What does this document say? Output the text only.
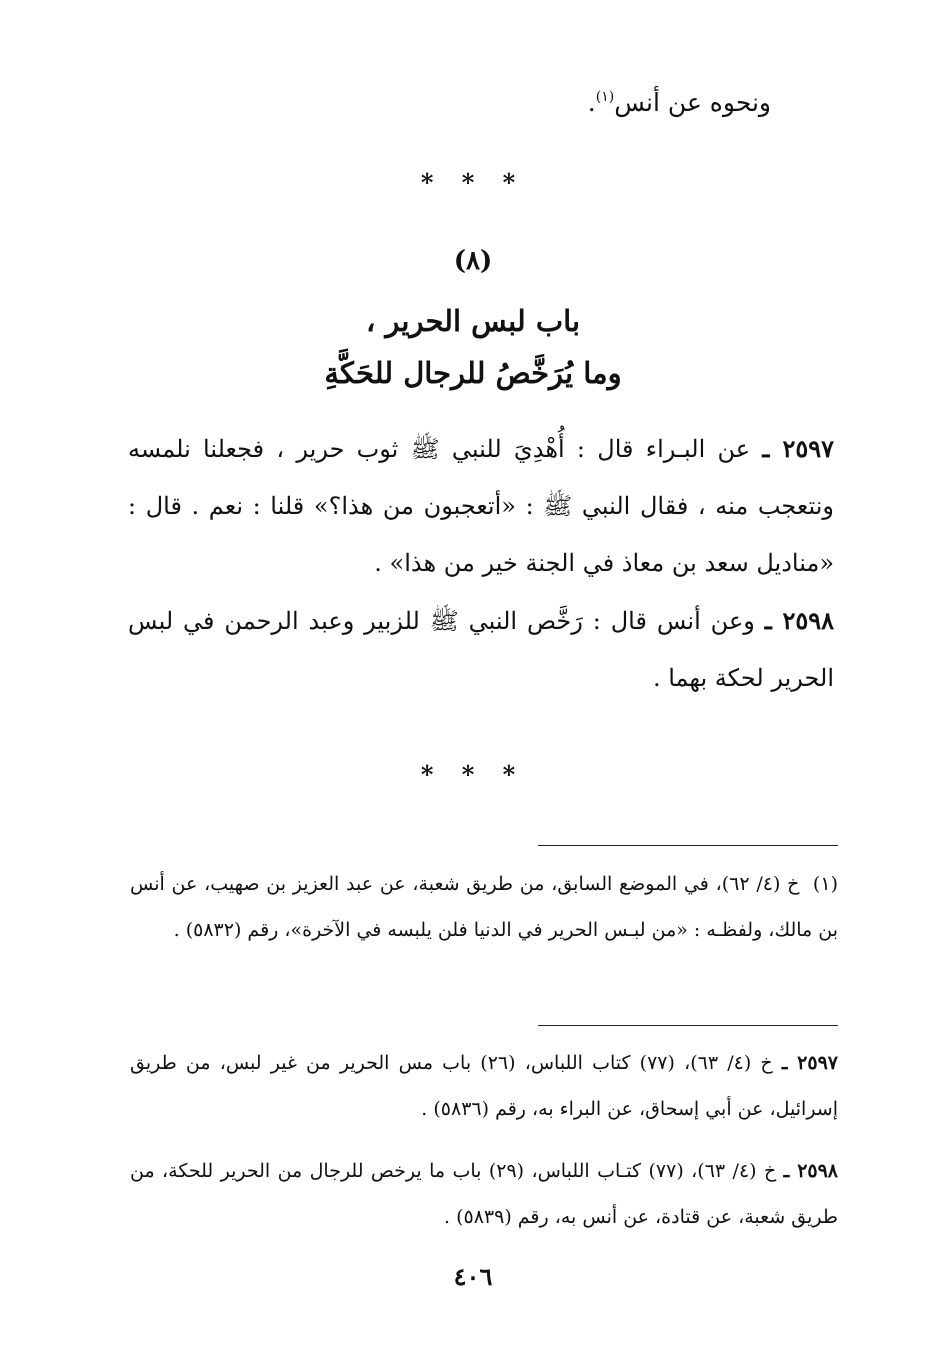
ونحوه عن أنس$^{(١)}$.
* * *
(٨)
باب لبس الحرير ،
وما يُرَخَّصُ للرجال للحَكَّةِ
٢٥٩٧ ـ عن البـراء قال : أُهْدِيَ للنبي ﷺ ثوب حرير ، فجعلنا نلمسه ونتعجب منه ، فقال النبي ﷺ : «أتعجبون من هذا؟» قلنا : نعم . قال : «مناديل سعد بن معاذ في الجنة خير من هذا» .
٢٥٩٨ ـ وعن أنس قال : رَخَّص النبي ﷺ للزبير وعبد الرحمن في لبس الحرير لحكة بهما .
* * *
(١)  خ (٤/ ٦٢)، في الموضع السابق، من طريق شعبة، عن عبد العزيز بن صهيب، عن أنس بن مالك، ولفظـه : «من لبـس الحرير في الدنيا فلن يلبسه في الآخرة»، رقم (٥٨٣٢) .
٢٥٩٧ ـ خ (٤/ ٦٣)، (٧٧) كتاب اللباس، (٢٦) باب مس الحرير من غير لبس، من طريق إسرائيل، عن أبي إسحاق، عن البراء به، رقم (٥٨٣٦) .
٢٥٩٨ ـ خ (٤/ ٦٣)، (٧٧) كتـاب اللباس، (٢٩) باب ما يرخص للرجال من الحرير للحكة، من طريق شعبة، عن قتادة، عن أنس به، رقم (٥٨٣٩) .
٤٠٦
